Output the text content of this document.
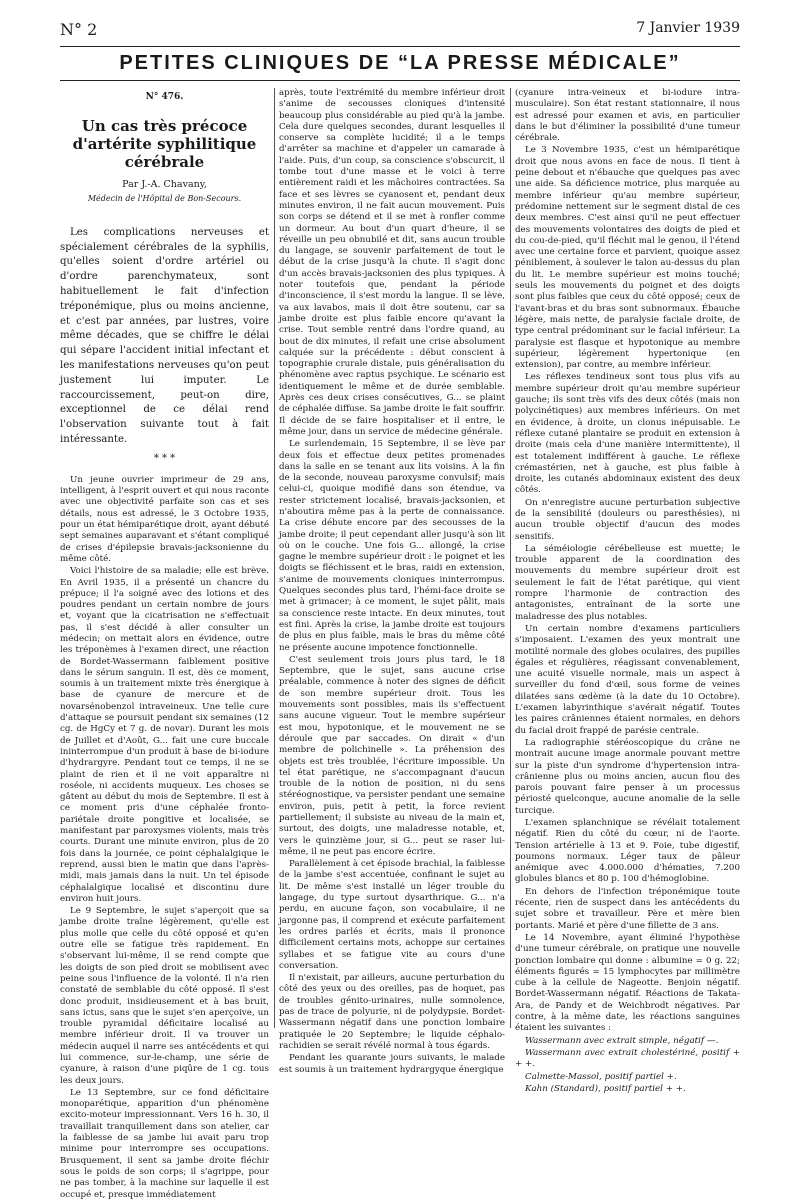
N° 2	7 Janvier 1939
PETITES CLINIQUES DE “LA PRESSE MÉDICALE”
N° 476.
Un cas très précoce d'artérite syphilitique cérébrale
Par J.-A. Chavany,
Médecin de l'Hôpital de Bon-Secours.

Les complications nerveuses et spécialement cérébrales de la syphilis, qu'elles soient d'ordre artériel ou d'ordre parenchymateux, sont habituellement le fait d'infection tréponémique, plus ou moins ancienne, et c'est par années, par lustres, voire même décades, que se chiffre le délai qui sépare l'accident initial infectant et les manifestations nerveuses qu'on peut justement lui imputer. Le raccourcissement, peut-on dire, exceptionnel de ce délai rend l'observation suivante tout à fait intéressante.

* * *

Un jeune ouvrier imprimeur de 29 ans, intelligent, à l'esprit ouvert et qui nous raconte avec une objectivité parfaite son cas et ses détails, nous est adressé, le 3 Octobre 1935, pour un état hémiparétique droit, ayant débuté sept semaines auparavant et s'étant compliqué de crises d'épilepsie bravais-jacksonienne du même côté.

Voici l'histoire de sa maladie; elle est brève. En Avril 1935, il a présenté un chancre du prépuce; il l'a soigné avec des lotions et des poudres pendant un certain nombre de jours et, voyant que la cicatrisation ne s'effectuait pas, il s'est décidé à aller consulter un médecin; on mettait alors en évidence, outre les tréponèmes à l'examen direct, une réaction de Bordet-Wassermann faiblement positive dans le sérum sanguin. Il est, dès ce moment, soumis à un traitement mixte très énergique à base de cyanure de mercure et de novarsénobenzol intraveineux. Une telle cure d'attaque se poursuit pendant six semaines (12 cg. de HgCy et 7 g. de novar). Durant les mois de Juillet et d'Août, G... fait une cure buccale ininterrompue d'un produit à base de bi-iodure d'hydrargyre. Pendant tout ce temps, il ne se plaint de rien et il ne voit apparaître ni roséole, ni accidents muqueux. Les choses se gâtent au début du mois de Septembre. Il est à ce moment pris d'une céphalée fronto-pariétale droite pongitive et localisée, se manifestant par paroxysmes violents, mais très courts. Durant une minute environ, plus de 20 fois dans la journée, ce point céphalalgique le reprend, aussi bien le matin que dans l'après-midi, mais jamais dans la nuit. Un tel épisode céphalalgique localisé et discontinu dure environ huit jours.

Le 9 Septembre, le sujet s'aperçoit que sa jambe droite traîne légèrement, qu'elle est plus molle que celle du côté opposé et qu'en outre elle se fatigue très rapidement. En s'observant lui-même, il se rend compte que les doigts de son pied droit se mobilisent avec peine sous l'influence de la volonté. Il n'a rien constaté de semblable du côté opposé. Il s'est donc produit, insidieusement et à bas bruit, sans ictus, sans que le sujet s'en aperçoive, un trouble pyramidal déficitaire localisé au membre inférieur droit. Il va trouver un médecin auquel il narre ses antécédents et qui lui commence, sur-le-champ, une série de cyanure, à raison d'une piqûre de 1 cg. tous les deux jours.

Le 13 Septembre, sur ce fond déficitaire monoparétique, apparition d'un phénomène excito-moteur impressionnant. Vers 16 h. 30, il travaillait tranquillement dans son atelier, car la faiblesse de sa jambe lui avait paru trop minime pour interrompre ses occupations. Brusquement, il sent sa jambe droite fléchir sous le poids de son corps; il s'agrippe, pour ne pas tomber, à la machine sur laquelle il est occupé et, presque immédiatement

après, toute l'extrémité du membre inférieur droit s'anime de secousses cloniques d'intensité beaucoup plus considérable au pied qu'à la jambe. Cela dure quelques secondes, durant lesquelles il conserve sa complète lucidité; il a le temps d'arrêter sa machine et d'appeler un camarade à l'aide. Puis, d'un coup, sa conscience s'obscurcit, il tombe tout d'une masse et le voici à terre entièrement raidi et les mâchoires contractées. Sa face et ses lèvres se cyanosent et, pendant deux minutes environ, il ne fait aucun mouvement. Puis son corps se détend et il se met à ronfler comme un dormeur. Au bout d'un quart d'heure, il se réveille un peu obnubilé et dit, sans aucun trouble du langage, se souvenir parfaitement de tout le début de la crise jusqu'à la chute. Il s'agit donc d'un accès bravais-jacksonien des plus typiques. À noter toutefois que, pendant la période d'inconscience, il s'est mordu la langue. Il se lève, va aux lavabos, mais il doit être soutenu, car sa jambe droite est plus faible encore qu'avant la crise. Tout semble rentré dans l'ordre quand, au bout de dix minutes, il refait une crise absolument calquée sur la précédente : début conscient à topographie crurale distale, puis généralisation du phénomène avec raptus psychique. Le scénario est identiquement le même et de durée semblable. Après ces deux crises consécutives, G... se plaint de céphalée diffuse. Sa jambe droite le fait souffrir. Il décide de se faire hospitaliser et il entre, le même jour, dans un service de médecine générale.

Le surlendemain, 15 Septembre, il se lève par deux fois et effectue deux petites promenades dans la salle en se tenant aux lits voisins. À la fin de la seconde, nouveau paroxysme convulsif; mais celui-ci, quoique modifié dans son étendue, va rester strictement localisé, bravais-jacksonien, et n'aboutira même pas à la perte de connaissance. La crise débute encore par des secousses de la jambe droite; il peut cependant aller jusqu'à son lit où on le couche. Une fois G... allongé, la crise gagne le membre supérieur droit : le poignet et les doigts se fléchissent et le bras, raidi en extension, s'anime de mouvements cloniques ininterrompus. Quelques secondes plus tard, l'hémi-face droite se met à grimacer; à ce moment, le sujet pâlit, mais sa conscience reste intacte. En deux minutes, tout est fini. Après la crise, la jambe droite est toujours de plus en plus faible, mais le bras du même côté ne présente aucune impotence fonctionnelle.

C'est seulement trois jours plus tard, le 18 Septembre, que le sujet, sans aucune crise préalable, commence à noter des signes de déficit de son membre supérieur droit. Tous les mouvements sont possibles, mais ils s'effectuent sans aucune vigueur. Tout le membre supérieur est mou, hypotonique, et le mouvement ne se déroule que par saccades. On dirait « d'un membre de polichinelle ». La préhension des objets est très troublée, l'écriture impossible. Un tel état parétique, ne s'accompagnant d'aucun trouble de la notion de position, ni du sens stéréognostique, va persister pendant une semaine environ, puis, petit à petit, la force revient partiellement; il subsiste au niveau de la main et, surtout, des doigts, une maladresse notable, et, vers le quinzième jour, si G... peut se raser lui-même, il ne peut pas encore écrire.

Parallèlement à cet épisode brachial, la faiblesse de la jambe s'est accentuée, confinant le sujet au lit. De même s'est installé un léger trouble du langage, du type surtout dysarthrique. G... n'a perdu, en aucune façon, son vocabulaire, il ne jargonne pas, il comprend et exécute parfaitement les ordres parlés et écrits, mais il prononce difficilement certains mots, achoppe sur certaines syllabes et se fatigue vite au cours d'une conversation.

Il n'existait, par ailleurs, aucune perturbation du côté des yeux ou des oreilles, pas de hoquet, pas de troubles génito-urinaires, nulle somnolence, pas de trace de polyurie, ni de polydypsie. Bordet-Wassermann négatif dans une ponction lombaire pratiquée le 20 Septembre; le liquide céphalo-rachidien se serait révélé normal à tous égards.

Pendant les quarante jours suivants, le malade est soumis à un traitement hydrargyque énergique

(cyanure intra-veineux et bi-iodure intra-musculaire). Son état restant stationnaire, il nous est adressé pour examen et avis, en particulier dans le but d'éliminer la possibilité d'une tumeur cérébrale.

Le 3 Novembre 1935, c'est un hémiparétique droit que nous avons en face de nous. Il tient à peine debout et n'ébauche que quelques pas avec une aide. Sa déficience motrice, plus marquée au membre inférieur qu'au membre supérieur, prédomine nettement sur le segment distal de ces deux membres. C'est ainsi qu'il ne peut effectuer des mouvements volontaires des doigts de pied et du cou-de-pied, qu'il fléchit mal le genou, il l'étend avec une certaine force et parvient, quoique assez péniblement, à soulever le talon au-dessus du plan du lit. Le membre supérieur est moins touché; seuls les mouvements du poignet et des doigts sont plus faibles que ceux du côté opposé; ceux de l'avant-bras et du bras sont subnormaux. Ébauche légère, mais nette, de paralysie faciale droite, de type central prédominant sur le facial inférieur. La paralysie est flasque et hypotonique au membre supérieur, légèrement hypertonique (en extension), par contre, au membre inférieur.

Les réflexes tendineux sont tous plus vifs au membre supérieur droit qu'au membre supérieur gauche; ils sont très vifs des deux côtés (mais non polycinétiques) aux membres inférieurs. On met en évidence, à droite, un clonus inépuisable. Le réflexe cutané plantaire se produit en extension à droite (mais cela d'une manière intermittente), il est totalement indifférent à gauche. Le réflexe crémastérien, net à gauche, est plus faible à droite, les cutanés abdominaux existent des deux côtés.

On n'enregistre aucune perturbation subjective de la sensibilité (douleurs ou paresthésies), ni aucun trouble objectif d'aucun des modes sensitifs.

La séméiologie cérébelleuse est muette; le trouble apparent de la coordination des mouvements du membre supérieur droit est seulement le fait de l'état parétique, qui vient rompre l'harmonie de contraction des antagonistes, entraînant de la sorte une maladresse des plus notables.

Un certain nombre d'examens particuliers s'imposaient. L'examen des yeux montrait une motilité normale des globes oculaires, des pupilles égales et régulières, réagissant convenablement, une acuité visuelle normale, mais un aspect à surveiller du fond d'œil, sous forme de veines dilatées sans œdème (à la date du 10 Octobre). L'examen labyrinthique s'avérait négatif. Toutes les paires crâniennes étaient normales, en dehors du facial droit frappé de parésie centrale.

La radiographie stéréoscopique du crâne ne montrait aucune image anormale pouvant mettre sur la piste d'un syndrome d'hypertension intra-crânienne plus ou moins ancien, aucun flou des parois pouvant faire penser à un processus périosté quelconque, aucune anomalie de la selle turcique.

L'examen splanchnique se révélait totalement négatif. Rien du côté du cœur, ni de l'aorte. Tension artérielle à 13 et 9. Foie, tube digestif, poumons normaux. Léger taux de pâleur anémique avec 4.000.000 d'hématies, 7.200 globules blancs et 80 p. 100 d'hémoglobine.

En dehors de l'infection tréponémique toute récente, rien de suspect dans les antécédents du sujet sobre et travailleur. Père et mère bien portants. Marié et père d'une fillette de 3 ans.

Le 14 Novembre, ayant éliminé l'hypothèse d'une tumeur cérébrale, on pratique une nouvelle ponction lombaire qui donne : albumine = 0 g. 22; éléments figurés = 15 lymphocytes par millimètre cube à la cellule de Nageotte. Benjoin négatif. Bordet-Wassermann négatif. Réactions de Takata-Ara, de Pandy et de Weichbrodt négatives. Par contre, à la même date, les réactions sanguines étaient les suivantes :

Wassermann avec extrait simple, négatif —.

Wassermann avec extrait cholestériné, positif + + +.

Calmette-Massol, positif partiel +.

Kahn (Standard), positif partiel + +.
